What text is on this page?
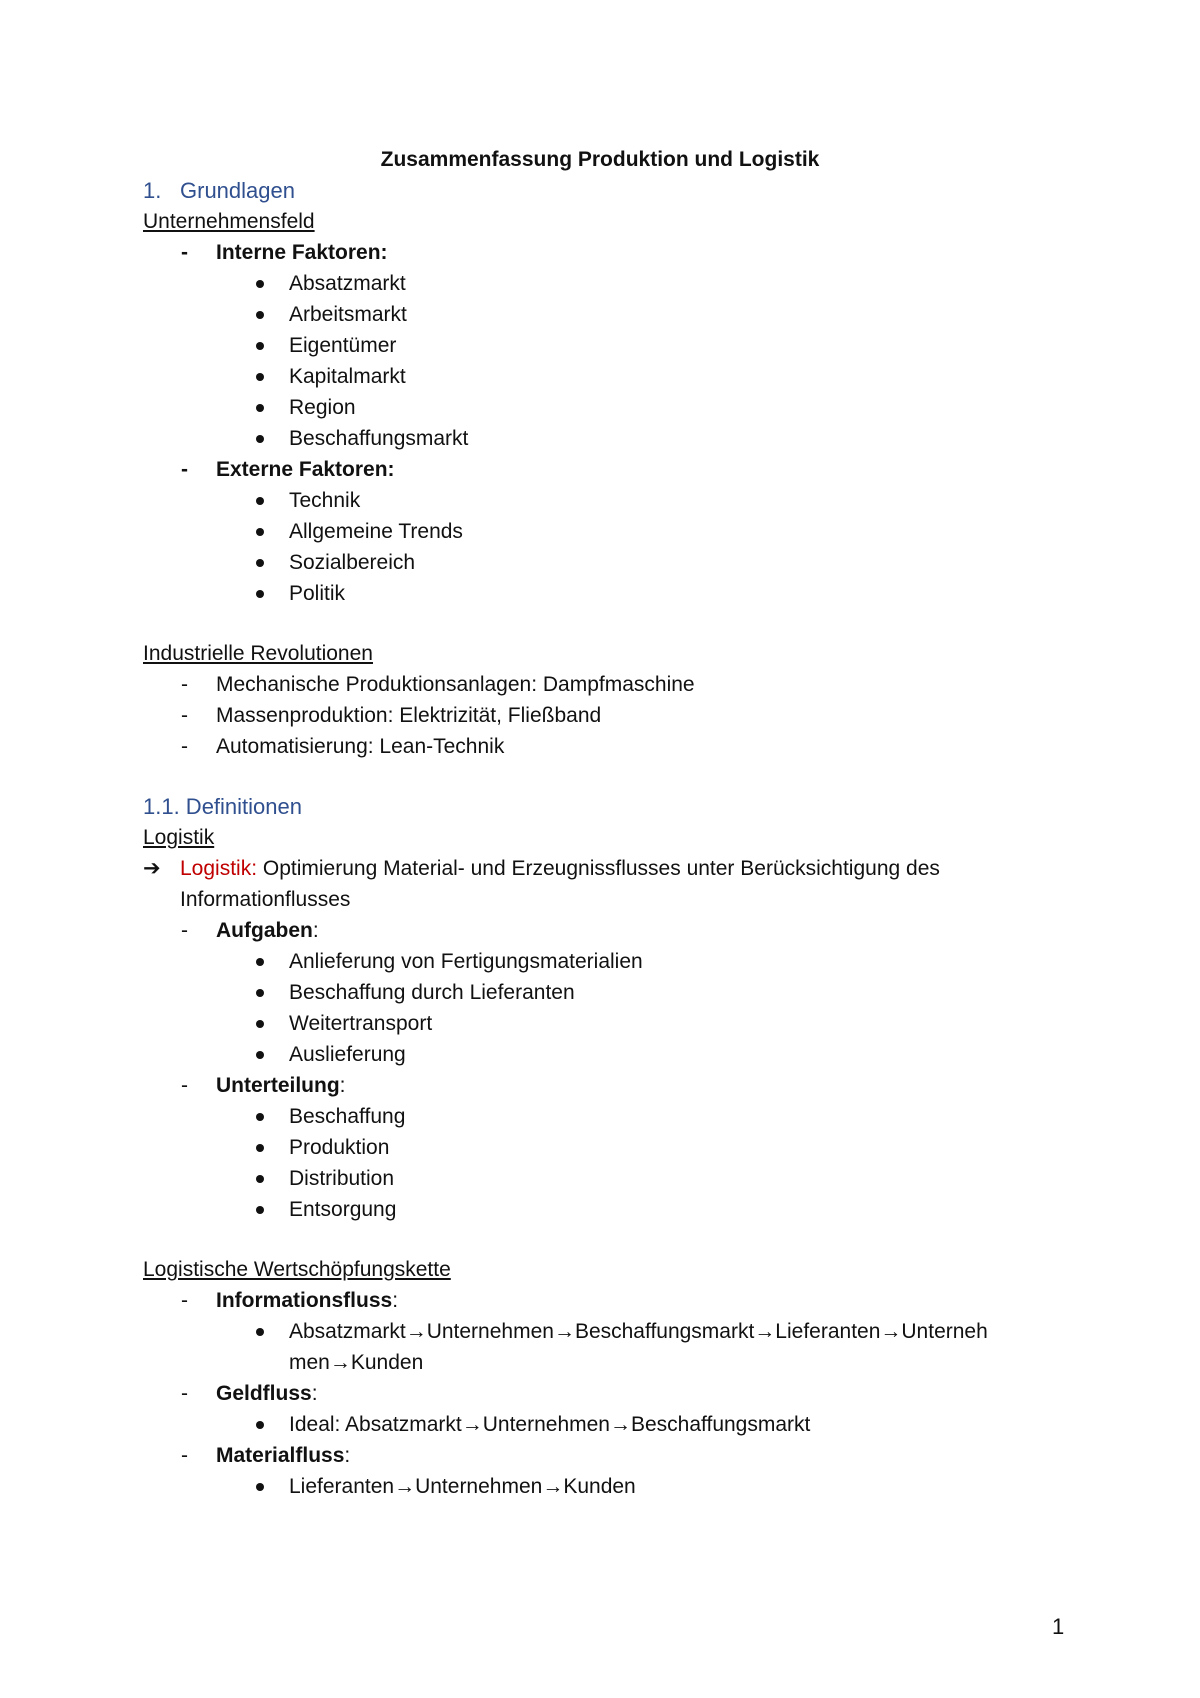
Zusammenfassung Produktion und Logistik
1. Grundlagen
Unternehmensfeld
- Interne Faktoren:
Absatzmarkt
Arbeitsmarkt
Eigentümer
Kapitalmarkt
Region
Beschaffungsmarkt
- Externe Faktoren:
Technik
Allgemeine Trends
Sozialbereich
Politik
Industrielle Revolutionen
- Mechanische Produktionsanlagen: Dampfmaschine
- Massenproduktion: Elektrizität, Fließband
- Automatisierung: Lean-Technik
1.1. Definitionen
Logistik
➔ Logistik: Optimierung Material- und Erzeugnissflusses unter Berücksichtigung des
Informationflusses
- Aufgaben:
Anlieferung von Fertigungsmaterialien
Beschaffung durch Lieferanten
Weitertransport
Auslieferung
- Unterteilung:
Beschaffung
Produktion
Distribution
Entsorgung
Logistische Wertschöpfungskette
- Informationsfluss:
Absatzmarkt→Unternehmen→Beschaffungsmarkt→Lieferanten→Unterneh
men→Kunden
- Geldfluss:
Ideal: Absatzmarkt→Unternehmen→Beschaffungsmarkt
- Materialfluss:
Lieferanten→Unternehmen→Kunden
1
